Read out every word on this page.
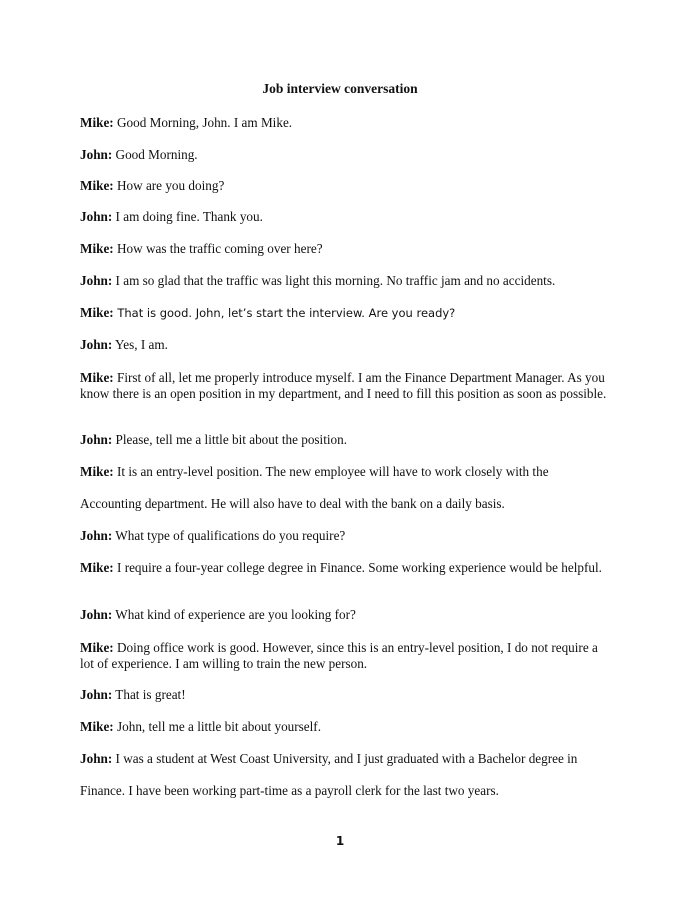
Job interview conversation

Mike: Good Morning, John. I am Mike.

John: Good Morning.

Mike: How are you doing?

John: I am doing fine. Thank you.

Mike: How was the traffic coming over here?

John: I am so glad that the traffic was light this morning. No traffic jam and no accidents.

Mike: That is good. John, let’s start the interview. Are you ready?

John: Yes, I am.

Mike: First of all, let me properly introduce myself. I am the Finance Department Manager. As you know there is an open position in my department, and I need to fill this position as soon as possible.

John: Please, tell me a little bit about the position.

Mike: It is an entry-level position. The new employee will have to work closely with the

Accounting department. He will also have to deal with the bank on a daily basis.

John: What type of qualifications do you require?

Mike: I require a four-year college degree in Finance. Some working experience would be helpful.

John: What kind of experience are you looking for?

Mike: Doing office work is good. However, since this is an entry-level position, I do not require a lot of experience. I am willing to train the new person.

John: That is great!

Mike: John, tell me a little bit about yourself.

John: I was a student at West Coast University, and I just graduated with a Bachelor degree in

Finance. I have been working part-time as a payroll clerk for the last two years.

1
